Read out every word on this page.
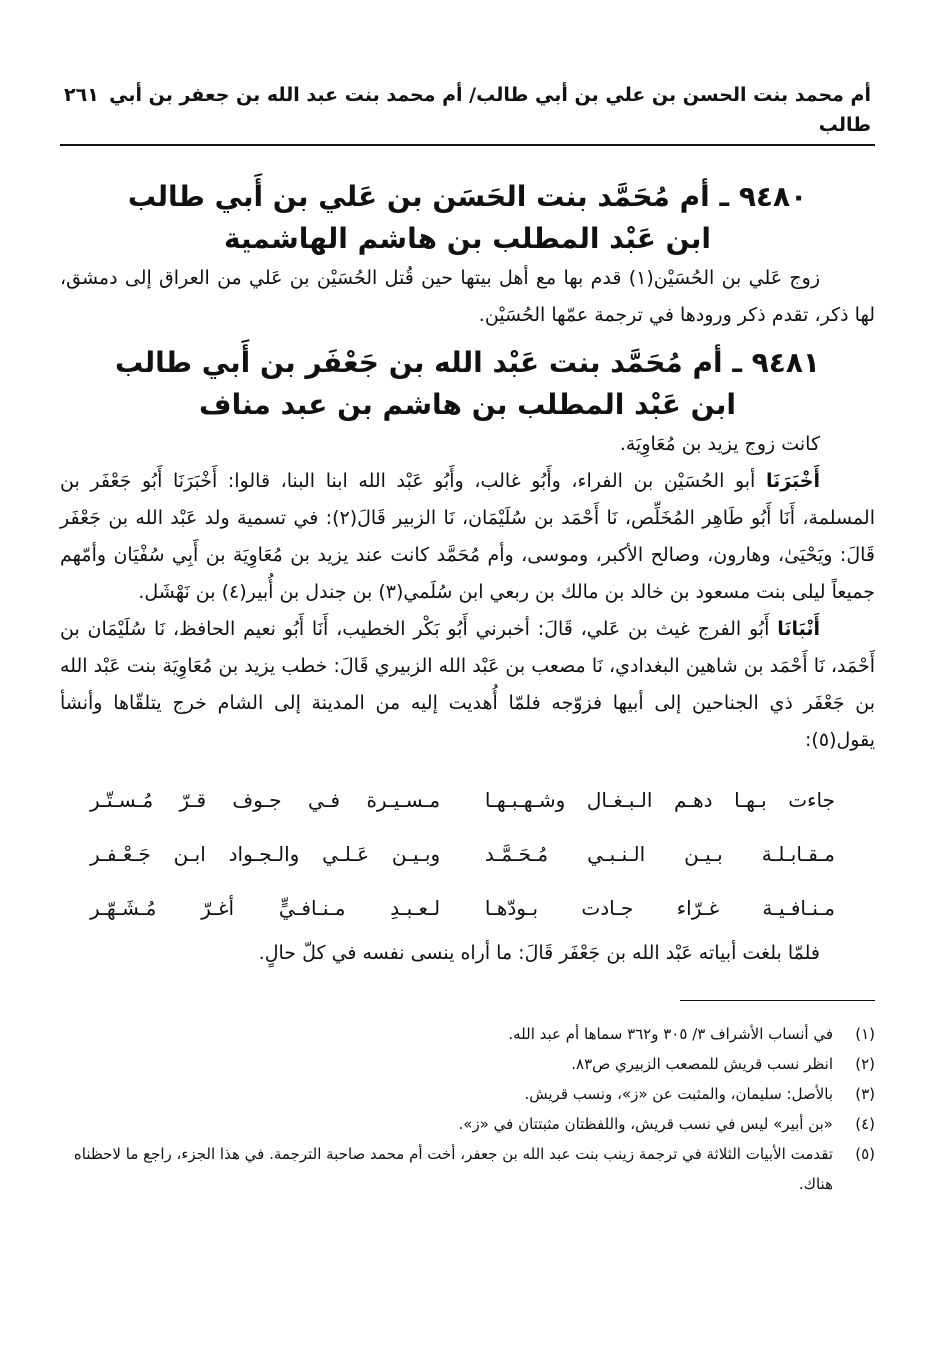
أم محمد بنت الحسن بن علي بن أبي طالب/ أم محمد بنت عبد الله بن جعفر بن أبي طالب
٢٦١
٩٤٨٠ ـ أم مُحَمَّد بنت الحَسَن بن عَلي بن أَبي طالب
ابن عَبْد المطلب بن هاشم الهاشمية

زوج عَلي بن الحُسَيْن(١) قدم بها مع أهل بيتها حين قُتل الحُسَيْن بن عَلي من العراق إلى دمشق، لها ذكر، تقدم ذكر ورودها في ترجمة عمّها الحُسَيْن.

٩٤٨١ ـ أم مُحَمَّد بنت عَبْد الله بن جَعْفَر بن أَبي طالب
ابن عَبْد المطلب بن هاشم بن عبد مناف

كانت زوج يزيد بن مُعَاوِيَة.

أَخْبَرَنَا أبو الحُسَيْن بن الفراء، وأَبُو غالب، وأَبُو عَبْد الله ابنا البنا، قالوا: أَخْبَرَنَا أَبُو جَعْفَر بن المسلمة، أَنَا أَبُو طَاهِر المُخَلِّص، نَا أَحْمَد بن سُلَيْمَان، نَا الزبير قَالَ(٢): في تسمية ولد عَبْد الله بن جَعْفَر قَالَ: ويَحْيَىٰ، وهارون، وصالح الأكبر، وموسى، وأم مُحَمَّد كانت عند يزيد بن مُعَاوِيَة بن أَبِي سُفْيَان وأمّهم جميعاً ليلى بنت مسعود بن خالد بن مالك بن ربعي ابن سُلَمي(٣) بن جندل بن أُبير(٤) بن نَهْشَل.

أَنْبَانَا أَبُو الفرج غيث بن عَلي، قَالَ: أخبرني أَبُو بَكْر الخطيب، أَنَا أَبُو نعيم الحافظ، نَا سُلَيْمَان بن أَحْمَد، نَا أَحْمَد بن شاهين البغدادي، نَا مصعب بن عَبْد الله الزبيري قَالَ: خطب يزيد بن مُعَاوِيَة بنت عَبْد الله بن جَعْفَر ذي الجناحين إلى أبيها فزوّجه فلمّا أُهديت إليه من المدينة إلى الشام خرج يتلقّاها وأنشأ يقول(٥):

جاءت بـهـا دهـم الـبـغـال وشـهـبـهـا
مـسـيـرة فـي جـوف قـرّ مُـسـتّـر
مـقـابـلـة بـيـن الـنـبـي مُـحَـمَّـد
وبـيـن عَـلـي والـجـواد ابـن جَـعْـفـر
مـنـافـيـة غـرّاء جـادت بـودّهـا
لـعـبـدِ مـنـافـيٍّ أغـرّ مُـشَـهّـر

فلمّا بلغت أبياته عَبْد الله بن جَعْفَر قَالَ: ما أراه ينسى نفسه في كلّ حالٍ.

(١)
في أنساب الأشراف ٣/ ٣٠٥ و٣٦٢ سماها أم عبد الله.
(٢)
انظر نسب قريش للمصعب الزبيري ص٨٣.
(٣)
بالأصل: سليمان، والمثبت عن «ز»، ونسب قريش.
(٤)
«بن أبير» ليس في نسب قريش، واللفظتان مثبتتان في «ز».
(٥)
تقدمت الأبيات الثلاثة في ترجمة زينب بنت عبد الله بن جعفر، أخت أم محمد صاحبة الترجمة. في هذا الجزء، راجع ما لاحظناه هناك.
